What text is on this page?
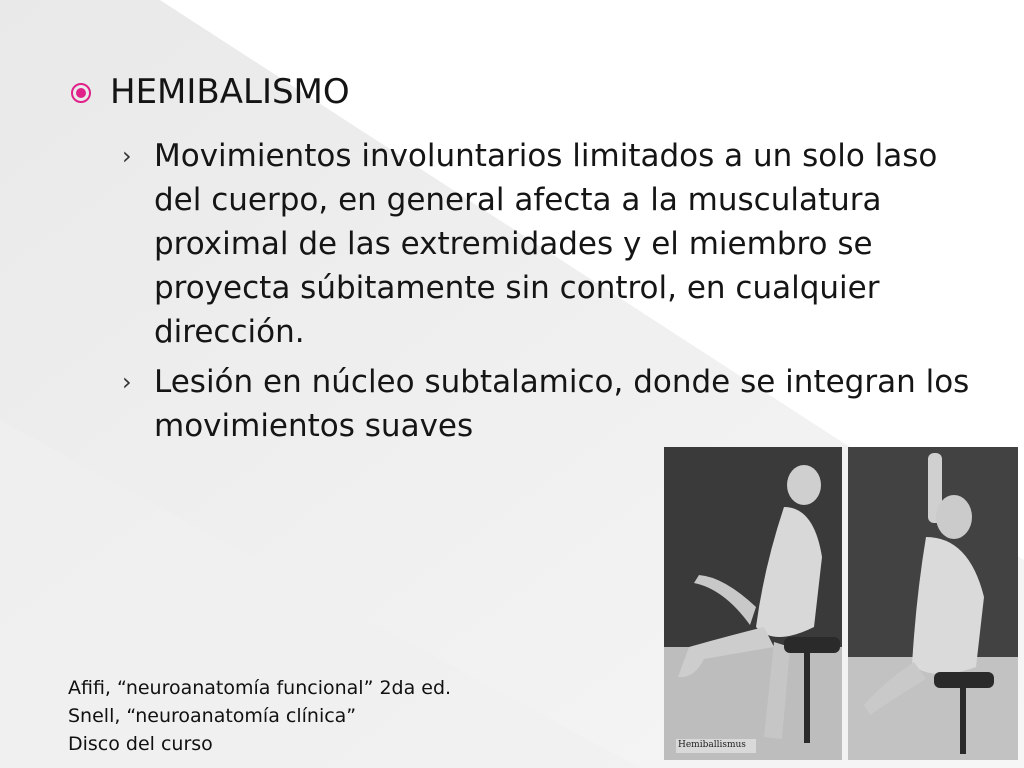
HEMIBALISMO
› Movimientos involuntarios limitados a un solo laso del cuerpo, en general afecta a la musculatura proximal de las extremidades y el miembro se proyecta súbitamente sin control, en cualquier dirección.
› Lesión en núcleo subtalamico, donde se integran los movimientos suaves
Hemiballismus
Afifi, “neuroanatomía funcional” 2da ed.
Snell, “neuroanatomía clínica”
Disco del curso
